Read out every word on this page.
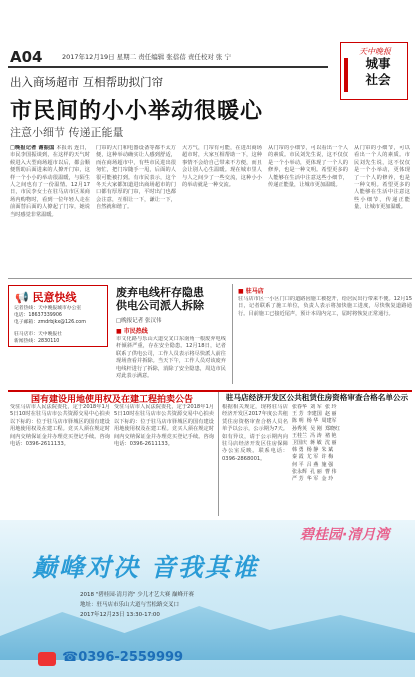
A04	2017年12月19日 星期二 责任编辑 张蓓蓓 责任校对 张 宁
天中晚报
城事
社会
出入商场超市 互相帮助拟门帘
市民间的小小举动很暖心
注意小细节 传递正能量
□晚报记者 谢振国 本报讯 连日，市民李国振谈到，在这样的天气时候进入大型商场超市以后，都会顺便帮助后面进来的人撩开门帘，这样一个小小的举动很温暖，与陌生人之间也有了一份温情。12月17日，市民李女士在驻马店市区某商场内购物时，看到一位年轻人走在前面替后面的人撩起了门帘，她说当时感觉非常温暖。
门帘的大门和电器设备等都不太方便，这种举动确实让人感到舒适，而在商场超市中，有些市民进出很匆忙，把门帘随手一甩，后面的人很可能被打到。有市民表示，这个冬天大家都知道进出商场超市的门口都有厚厚的门帘，平时出门也都会注意，互相让一下，谦让一下，自然就和谐了。
大方气，门帘有可能，在进出商场超市时，大家互相帮助一下，这种事情不会给自己带来不方便，而且会让别人心生温暖。现在城市里人与人之间少了一些交流，这种小小的举动就是一种交流。
从门帘的小细节，可以看出一个人的素质。市民刘先生说，这不仅仅是一个小举动，更体现了一个人的修养，也是一种文明。希望更多的人能够在生活中注意这些小细节，传递正能量，让城市更加温暖。
从门帘的小细节，可以看出一个人的素质。市民刘先生说，这不仅仅是一个小举动，更体现了一个人的修养，也是一种文明。希望更多的人能够在生活中注意这些小细节，传递正能量，让城市更加温暖。
📢 民意快线
记者热线：天中晚报城市办公室
电话：18637339906
电子邮箱：zmdrbjkx@126.com
驻马店市：天中晚报社
新闻热线：2830110
废弃电线杆存隐患
供电公司派人拆除
□晚报记者 张汉伟
■ 市民热线
市文化路与乐山大道交叉口东南角一根废弃电线杆倾斜严重，存在安全隐患。12月18日，记者联系了供电公司，工作人员表示将尽快派人前往现场查看并拆除。当天下午，工作人员对该废弃电线杆进行了拆除，消除了安全隐患，周边市民对此表示满意。
■ 驻马店
驻马店市区一小区门口的道路因施工被挖开，给居民出行带来不便。12月15日，记者联系了施工单位，负责人表示将加快施工进度，尽快恢复道路通行。目前施工已接近尾声，预计本周内完工，届时将恢复正常通行。
国有建设用地使用权及在建工程拍卖公告
受驻马店市人民法院委托，定于2018年1月5日10时在驻马店市公共资源交易中心拍卖以下标的：位于驻马店市驿城区的国有建设用地使用权及在建工程。竞买人须在规定时间内交纳保证金并办理竞买登记手续。咨询电话：0396-2611133。
受驻马店市人民法院委托，定于2018年1月5日10时在驻马店市公共资源交易中心拍卖以下标的：位于驻马店市驿城区的国有建设用地使用权及在建工程。竞买人须在规定时间内交纳保证金并办理竞买登记手续。咨询电话：0396-2611133。
驻马店经济开发区公共租赁住房资格审查合格名单公示
根据相关规定，现将驻马店经济开发区2017年度公共租赁住房资格审查合格人员名单予以公示，公示期为7天。如有异议，请于公示期内向驻马店经济开发区住房保障办公室反映。联系电话：0396-2868001。
张春华  刘 军  张 玲
王 芳  李建国  赵 丽
陈 明  杨 华  周建军
孙秀英  吴 刚  郑晓红
王桂兰  冯 涛  褚 艳
卫国庆  蒋 敏  沈 丽
韩 勇  杨 静  朱 斌
秦 霞  尤 军  许 梅
何 平  吕 燕  施 强
张永辉  孔 丽  曹 伟
严 芳  华 军  金 玲
碧桂园·清月湾
巅峰对决 音我其谁
2018 "碧桂园·清月湾" 少儿才艺大赛 巅峰开赛
地址：驻马店市乐山大道与雪松路交叉口
2017年12月23日 13:30-17:00
☎0396-2559999
